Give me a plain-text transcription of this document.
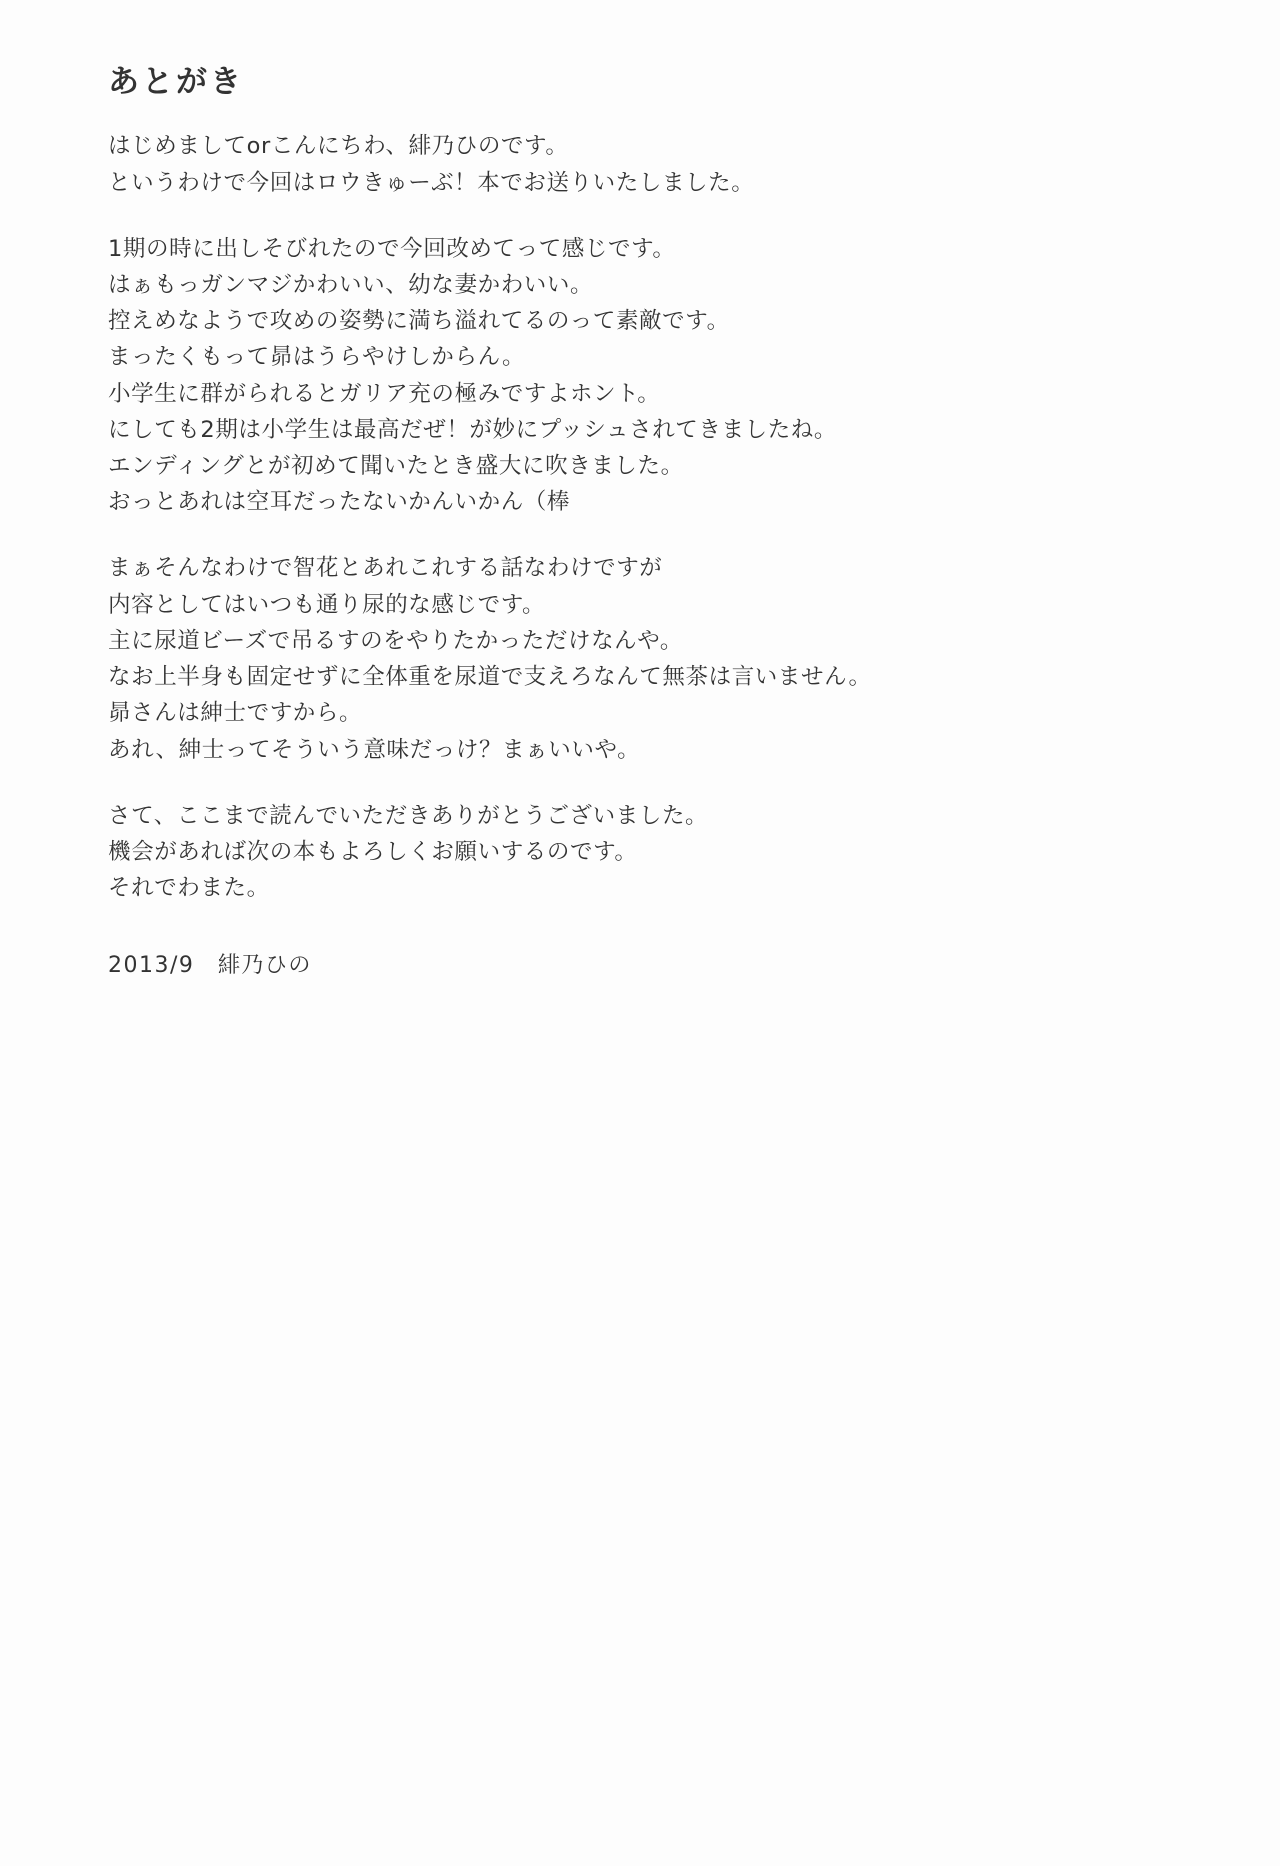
あとがき
はじめましてorこんにちわ、緋乃ひのです。
というわけで今回はロウきゅーぶ！本でお送りいたしました。
1期の時に出しそびれたので今回改めてって感じです。
はぁもっガンマジかわいい、幼な妻かわいい。
控えめなようで攻めの姿勢に満ち溢れてるのって素敵です。
まったくもって昴はうらやけしからん。
小学生に群がられるとガリア充の極みですよホント。
にしても2期は小学生は最高だぜ！が妙にプッシュされてきましたね。
エンディングとが初めて聞いたとき盛大に吹きました。
おっとあれは空耳だったないかんいかん（棒
まぁそんなわけで智花とあれこれする話なわけですが
内容としてはいつも通り尿的な感じです。
主に尿道ビーズで吊るすのをやりたかっただけなんや。
なお上半身も固定せずに全体重を尿道で支えろなんて無茶は言いません。
昴さんは紳士ですから。
あれ、紳士ってそういう意味だっけ？まぁいいや。
さて、ここまで読んでいただきありがとうございました。
機会があれば次の本もよろしくお願いするのです。
それでわまた。
2013/9　緋乃ひの
